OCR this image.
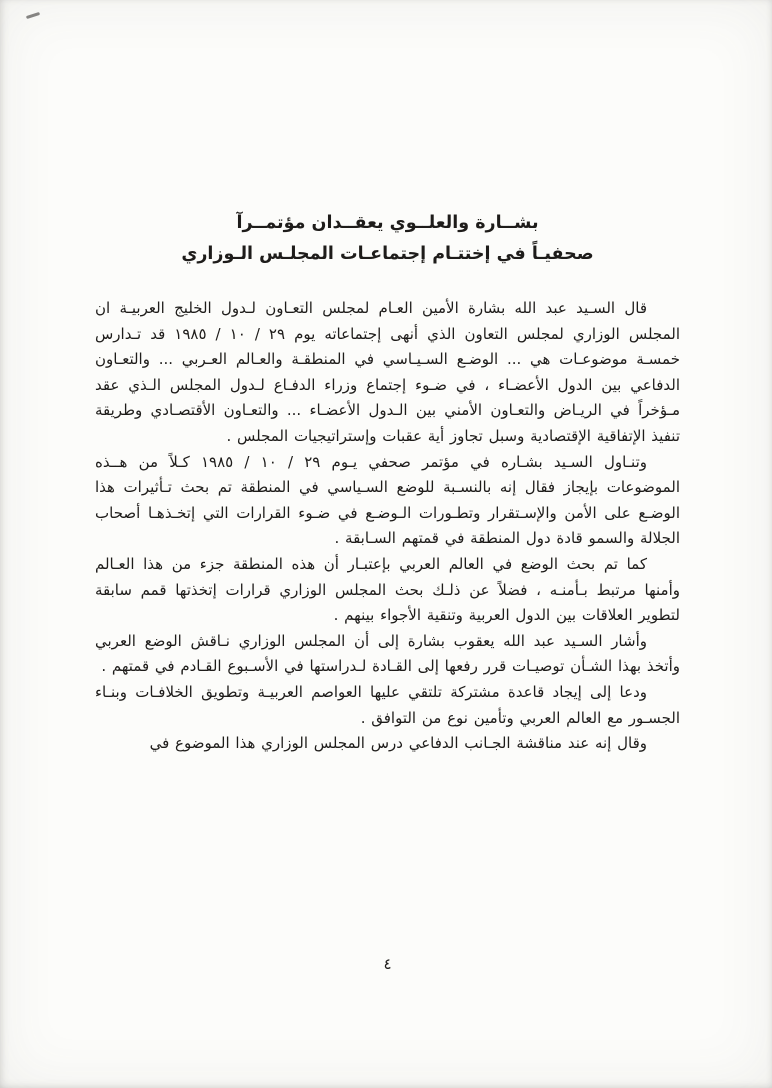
بشــارة والعلــوي يعقــدان مؤتمــرآ
صحفيـاً في إختتـام إجتماعـات المجلـس الـوزاري

قال السـيد عبد الله بشارة الأمين العـام لمجلس التعـاون لـدول الخليج العربيـة ان المجلس الوزاري لمجلس التعاون الذي أنهى إجتماعاته يوم ٢٩ / ١٠ / ١٩٨٥ قد تـدارس خمسـة موضوعـات هي ... الوضـع السـيـاسي في المنطقـة والعـالم العـربي ... والتعـاون الدفاعي بين الدول الأعضـاء ، في ضـوء إجتماع وزراء الدفـاع لـدول المجلس الـذي عقد مـؤخراً في الريـاض والتعـاون الأمني بين الـدول الأعضـاء ... والتعـاون الأقتصـادي وطريقة تنفيذ الإتفاقية الإقتصادية وسبل تجاوز أية عقبات وإستراتيجيات المجلس .

وتنـاول السـيد بشـاره في مؤتمر صحفي يـوم ٢٩ / ١٠ / ١٩٨٥ كـلاً من هــذه الموضوعات بإيجاز فقال إنه بالنسـبة للوضع السـياسي في المنطقة تم بحث تـأثيرات هذا الوضـع على الأمن والإسـتقرار وتطـورات الـوضـع في ضـوء القرارات التي إتخـذهـا أصحاب الجلالة والسمو قادة دول المنطقة في قمتهم السـابقة .

كما تم بحث الوضع في العالم العربي بإعتبـار أن هذه المنطقة جزء من هذا العـالم وأمنها مرتبط بـأمنـه ، فضلاً عن ذلـك بحث المجلس الوزاري قرارات إتخذتها قمم سابقة لتطوير العلاقات بين الدول العربية وتنقية الأجواء بينهم .

وأشار السـيد عبد الله يعقوب بشارة إلى أن المجلس الوزاري نـاقش الوضع العربي وأتخذ بهذا الشـأن توصيـات قرر رفعها إلى القـادة لـدراستها في الأسـبوع القـادم في قمتهم .

ودعا إلى إيجاد قاعدة مشتركة تلتقي عليها العواصم العربيـة وتطويق الخلافـات وبنـاء الجسـور مع العالم العربي وتأمين نوع من التوافق .

وقال إنه عند مناقشة الجـانب الدفاعي درس المجلس الوزاري هذا الموضوع في

٤
